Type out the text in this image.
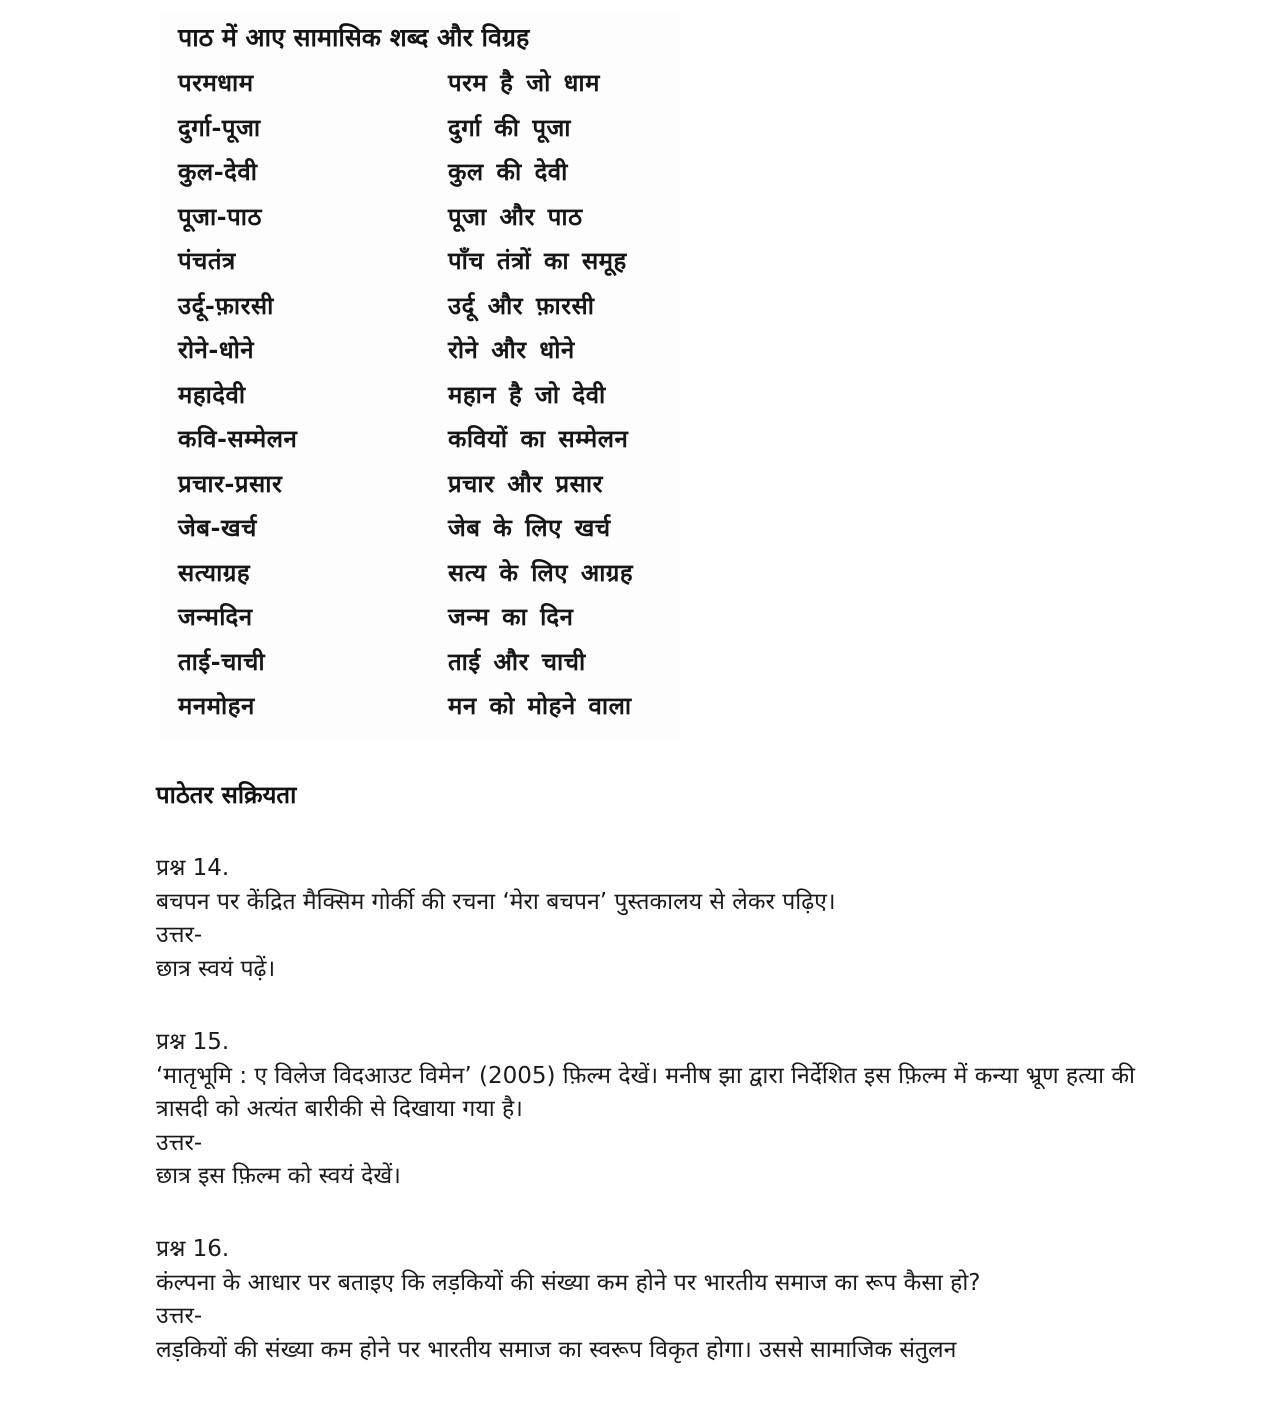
पाठ में आए सामासिक शब्द और विग्रह
परमधाम	परम है जो धाम
दुर्गा-पूजा	दुर्गा की पूजा
कुल-देवी	कुल की देवी
पूजा-पाठ	पूजा और पाठ
पंचतंत्र	पाँच तंत्रों का समूह
उर्दू-फ़ारसी	उर्दू और फ़ारसी
रोने-धोने	रोने और धोने
महादेवी	महान है जो देवी
कवि-सम्मेलन	कवियों का सम्मेलन
प्रचार-प्रसार	प्रचार और प्रसार
जेब-खर्च	जेब के लिए खर्च
सत्याग्रह	सत्य के लिए आग्रह
जन्मदिन	जन्म का दिन
ताई-चाची	ताई और चाची
मनमोहन	मन को मोहने वाला
पाठेतर सक्रियता
प्रश्न 14.
बचपन पर केंद्रित मैक्सिम गोर्की की रचना ‘मेरा बचपन’ पुस्तकालय से लेकर पढ़िए।
उत्तर-
छात्र स्वयं पढ़ें।
प्रश्न 15.
‘मातृभूमि : ए विलेज विदआउट विमेन’ (2005) फ़िल्म देखें। मनीष झा द्वारा निर्देशित इस फ़िल्म में कन्या भ्रूण हत्या की त्रासदी को अत्यंत बारीकी से दिखाया गया है।
उत्तर-
छात्र इस फ़िल्म को स्वयं देखें।
प्रश्न 16.
कंल्पना के आधार पर बताइए कि लड़कियों की संख्या कम होने पर भारतीय समाज का रूप कैसा हो?
उत्तर-
लड़कियों की संख्या कम होने पर भारतीय समाज का स्वरूप विकृत होगा। उससे सामाजिक संतुलन
